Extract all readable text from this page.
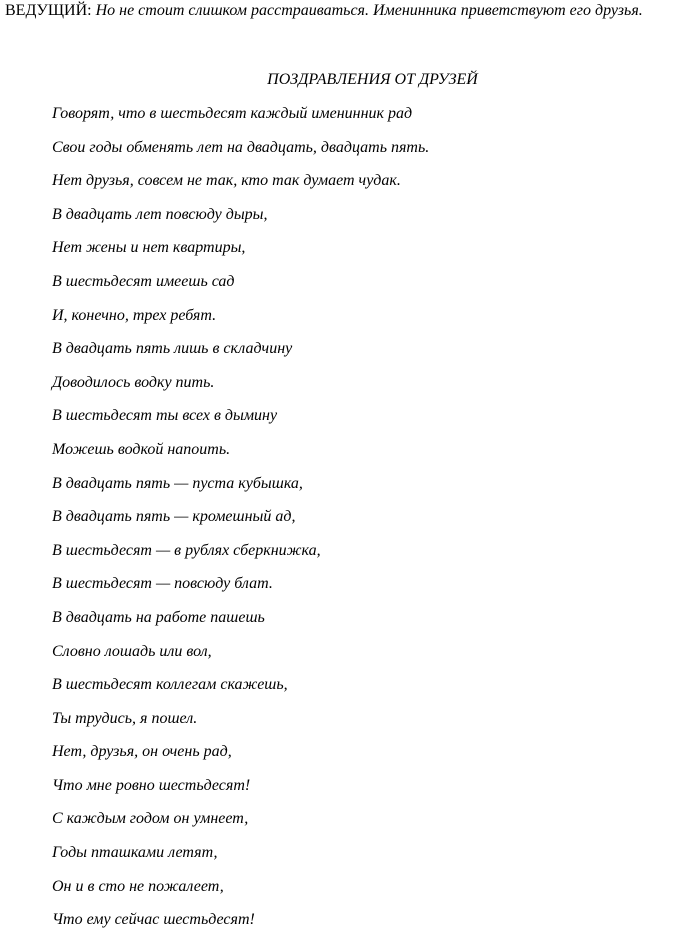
ВЕДУЩИЙ: Но не стоит слишком расстраиваться. Именинника приветствуют его друзья.

ПОЗДРАВЛЕНИЯ ОТ ДРУЗЕЙ
Говорят, что в шестьдесят каждый именинник рад
Свои годы обменять лет на двадцать, двадцать пять.
Нет друзья, совсем не так, кто так думает чудак.
В двадцать лет повсюду дыры,
Нет жены и нет квартиры,
В шестьдесят имеешь сад
И, конечно, трех ребят.
В двадцать пять лишь в складчину
Доводилось водку пить.
В шестьдесят ты всех в дымину
Можешь водкой напоить.
В двадцать пять — пуста кубышка,
В двадцать пять — кромешный ад,
В шестьдесят — в рублях сберкнижка,
В шестьдесят — повсюду блат.
В двадцать на работе пашешь
Словно лошадь или вол,
В шестьдесят коллегам скажешь,
Ты трудись, я пошел.
Нет, друзья, он очень рад,
Что мне ровно шестьдесят!
С каждым годом он умнеет,
Годы пташками летят,
Он и в сто не пожалеет,
Что ему сейчас шестьдесят!
